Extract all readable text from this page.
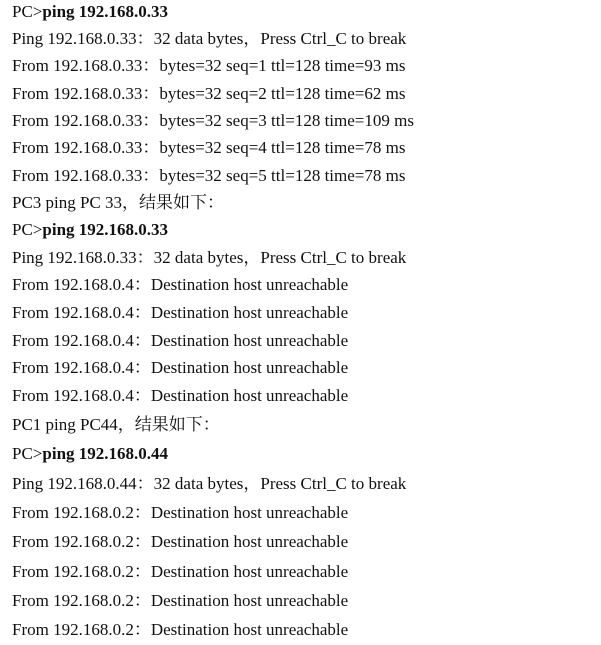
PC>ping 192.168.0.33
Ping 192.168.0.33：32 data bytes，Press Ctrl_C to break
From 192.168.0.33：bytes=32 seq=1 ttl=128 time=93 ms
From 192.168.0.33：bytes=32 seq=2 ttl=128 time=62 ms
From 192.168.0.33：bytes=32 seq=3 ttl=128 time=109 ms
From 192.168.0.33：bytes=32 seq=4 ttl=128 time=78 ms
From 192.168.0.33：bytes=32 seq=5 ttl=128 time=78 ms
PC3 ping PC 33，结果如下：
PC>ping 192.168.0.33
Ping 192.168.0.33：32 data bytes，Press Ctrl_C to break
From 192.168.0.4：Destination host unreachable
From 192.168.0.4：Destination host unreachable
From 192.168.0.4：Destination host unreachable
From 192.168.0.4：Destination host unreachable
From 192.168.0.4：Destination host unreachable
PC1 ping PC44，结果如下：
PC>ping 192.168.0.44
Ping 192.168.0.44：32 data bytes，Press Ctrl_C to break
From 192.168.0.2：Destination host unreachable
From 192.168.0.2：Destination host unreachable
From 192.168.0.2：Destination host unreachable
From 192.168.0.2：Destination host unreachable
From 192.168.0.2：Destination host unreachable
